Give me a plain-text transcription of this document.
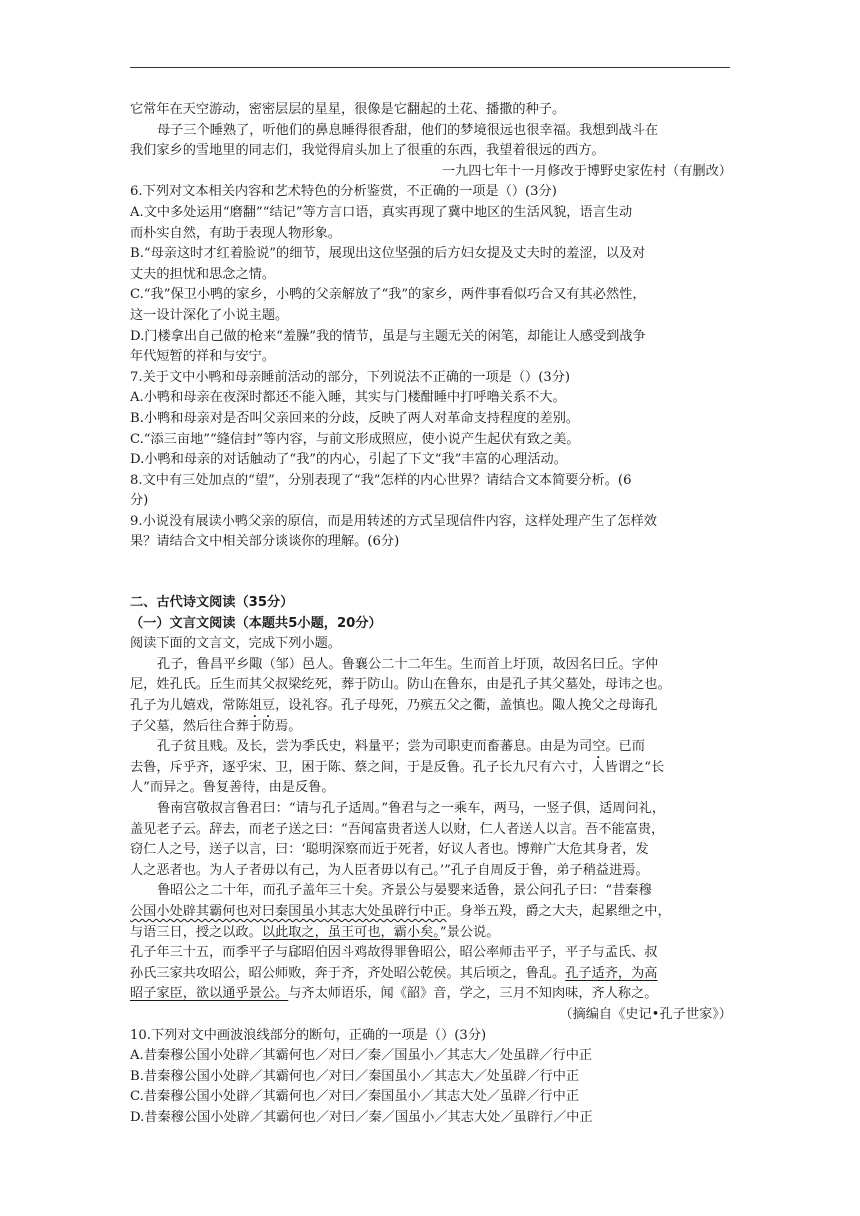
它常年在天空游动，密密层层的星星，很像是它翻起的土花、播撒的种子。
母子三个睡熟了，听他们的鼻息睡得很香甜，他们的梦境很远也很幸福。我想到战斗在
我们家乡的雪地里的同志们，我觉得肩头加上了很重的东西，我望着很远的西方。
一九四七年十一月修改于博野史家佐村（有删改）
6.下列对文本相关内容和艺术特色的分析鉴赏，不正确的一项是（）(3分)
A.文中多处运用“磨翻”“结记”等方言口语，真实再现了冀中地区的生活风貌，语言生动
而朴实自然，有助于表现人物形象。
B.“母亲这时才红着脸说”的细节，展现出这位坚强的后方妇女提及丈夫时的羞涩，以及对
丈夫的担忧和思念之情。
C.“我”保卫小鸭的家乡，小鸭的父亲解放了“我”的家乡，两件事看似巧合又有其必然性，
这一设计深化了小说主题。
D.门楼拿出自己做的枪来“羞臊”我的情节，虽是与主题无关的闲笔，却能让人感受到战争
年代短暂的祥和与安宁。
7.关于文中小鸭和母亲睡前活动的部分，下列说法不正确的一项是（）(3分)
A.小鸭和母亲在夜深时都还不能入睡，其实与门楼酣睡中打呼噜关系不大。
B.小鸭和母亲对是否叫父亲回来的分歧，反映了两人对革命支持程度的差别。
C.“添三亩地”“缝信封”等内容，与前文形成照应，使小说产生起伏有致之美。
D.小鸭和母亲的对话触动了“我”的内心，引起了下文“我”丰富的心理活动。
8.文中有三处加点的“望”，分别表现了“我”怎样的内心世界？请结合文本简要分析。(6
分)
9.小说没有展读小鸭父亲的原信，而是用转述的方式呈现信件内容，这样处理产生了怎样效
果？请结合文中相关部分谈谈你的理解。(6分)
二、古代诗文阅读（35分）
（一）文言文阅读（本题共5小题，20分）
阅读下面的文言文，完成下列小题。
孔子，鲁昌平乡陬（邹）邑人。鲁襄公二十二年生。生而首上圩顶，故因名曰丘。字仲
尼，姓孔氏。丘生而其父叔梁纥死，葬于防山。防山在鲁东，由是孔子其父墓处，母讳之也。
孔子为儿嬉戏，常陈俎豆，设礼容。孔子母死，乃殡五父之衢，盖慎也。陬人挽父之母诲孔
子父墓，然后往合葬于防焉。
孔子贫且贱。及长，尝为季氏史，料量平；尝为司职吏而畜蕃息。由是为司空。已而
去鲁，斥乎齐，逐乎宋、卫，困于陈、蔡之间，于是反鲁。孔子长九尺有六寸，人皆谓之“长
人”而异之。鲁复善待，由是反鲁。
鲁南宫敬叔言鲁君曰：“请与孔子适周。”鲁君与之一乘车，两马，一竖子俱，适周问礼，
盖见老子云。辞去，而老子送之曰：“吾闻富贵者送人以财，仁人者送人以言。吾不能富贵，
窃仁人之号，送子以言，曰：‘聪明深察而近于死者，好议人者也。博辩广大危其身者，发
人之恶者也。为人子者毋以有己，为人臣者毋以有己。’”孔子自周反于鲁，弟子稍益进焉。
鲁昭公之二十年，而孔子盖年三十矣。齐景公与晏婴来适鲁，景公问孔子曰：“昔秦穆
公国小处辟其霸何也对曰秦国虽小其志大处虽辟行中正。身举五羖，爵之大夫，起累绁之中，
与语三日，授之以政。以此取之，虽王可也，霸小矣。”景公说。
孔子年三十五，而季平子与郈昭伯因斗鸡故得罪鲁昭公，昭公率师击平子，平子与孟氏、叔
孙氏三家共攻昭公，昭公师败，奔于齐，齐处昭公乾侯。其后顷之，鲁乱。孔子适齐，为高
昭子家臣，欲以通乎景公。与齐太师语乐，闻《韶》音，学之，三月不知肉味，齐人称之。
（摘编自《史记•孔子世家》）
10.下列对文中画波浪线部分的断句，正确的一项是（）(3分)
A.昔秦穆公国小处辟／其霸何也／对曰／秦／国虽小／其志大／处虽辟／行中正
B.昔秦穆公国小处辟／其霸何也／对曰／秦国虽小／其志大／处虽辟／行中正
C.昔秦穆公国小处辟／其霸何也／对曰／秦国虽小／其志大处／虽辟／行中正
D.昔秦穆公国小处辟／其霸何也／对曰／秦／国虽小／其志大处／虽辟行／中正
